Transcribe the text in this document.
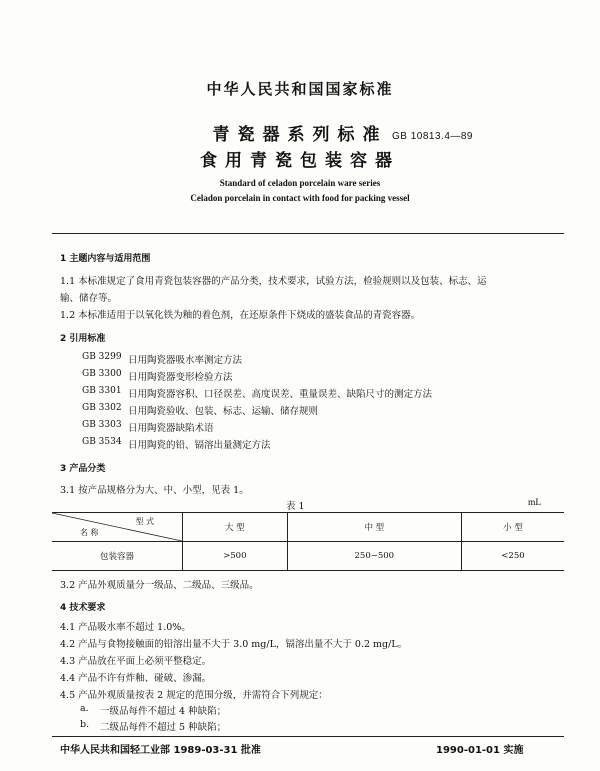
中华人民共和国国家标准
青瓷器系列标准
食用青瓷包装容器
GB 10813.4—89
Standard of celadon porcelain ware series
Celadon porcelain in contact with food for packing vessel
1 主题内容与适用范围
1.1 本标准规定了食用青瓷包装容器的产品分类，技术要求，试验方法，检验规则以及包装、标志、运
输、储存等。
1.2 本标准适用于以氧化铁为釉的着色剂，在还原条件下烧成的盛装食品的青瓷容器。
2 引用标准
GB 3299 日用陶瓷器吸水率测定方法
GB 3300 日用陶瓷器变形检验方法
GB 3301 日用陶瓷器容积、口径误差、高度误差、重量误差、缺陷尺寸的测定方法
GB 3302 日用陶瓷验收、包装、标志、运输、储存规则
GB 3303 日用陶瓷器缺陷术语
GB 3534 日用陶瓷的铅、镉溶出量测定方法
3 产品分类
3.1 按产品规格分为大、中、小型，见表 1。
表 1	mL
型 式
名 称	大 型	中 型	小 型
包装容器	>500	250~500	<250
3.2 产品外观质量分一级品、二级品、三级品。
4 技术要求
4.1 产品吸水率不超过 1.0%。
4.2 产品与食物接触面的铅溶出量不大于 3.0 mg/L，镉溶出量不大于 0.2 mg/L。
4.3 产品放在平面上必须平整稳定。
4.4 产品不许有炸釉、碰破、渗漏。
4.5 产品外观质量按表 2 规定的范围分级，并需符合下列规定：
a. 一级品每件不超过 4 种缺陷；
b. 二级品每件不超过 5 种缺陷；
中华人民共和国轻工业部 1989-03-31 批准	1990-01-01 实施
